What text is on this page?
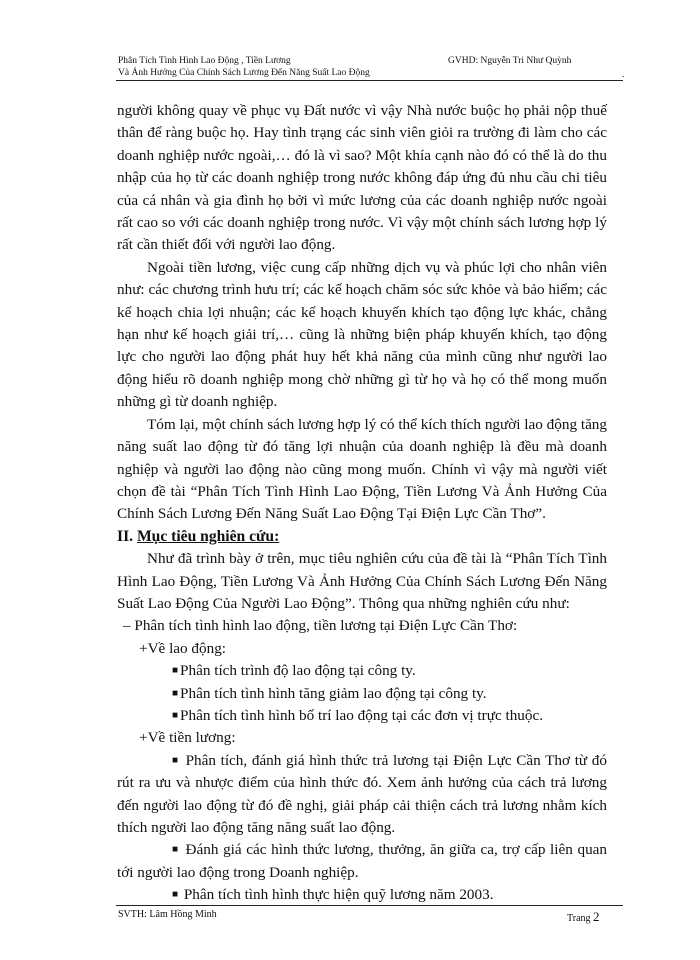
Phân Tích Tình Hình Lao Động , Tiền Lương
Và Ảnh Hưởng Của Chính Sách Lương Đến Năng Suất Lao Động
GVHD: Nguyễn Tri Như Quỳnh
.

người không quay về phục vụ Đất nước vì vậy Nhà nước buộc họ phải nộp thuế thân để ràng buộc họ. Hay tình trạng các sinh viên giỏi ra trường đi làm cho các doanh nghiệp nước ngoài,… đó là vì sao? Một khía cạnh nào đó có thể là do thu nhập của họ từ các doanh nghiệp trong nước không đáp ứng đủ nhu cầu chi tiêu của cá nhân và gia đình họ bởi vì mức lương của các doanh nghiệp nước ngoài rất cao so với các doanh nghiệp trong nước. Vì vậy một chính sách lương hợp lý rất cần thiết đối với người lao động.

Ngoài tiền lương, việc cung cấp những dịch vụ và phúc lợi cho nhân viên như: các chương trình hưu trí; các kế hoạch chăm sóc sức khỏe và bảo hiểm; các kế hoạch chia lợi nhuận; các kế hoạch khuyến khích tạo động lực khác, chẳng hạn như kế hoạch giải trí,… cũng là những biện pháp khuyến khích, tạo động lực cho người lao động phát huy hết khả năng của mình cũng như người lao động hiểu rõ doanh nghiệp mong chờ những gì từ họ và họ có thể mong muốn những gì từ doanh nghiệp.

Tóm lại, một chính sách lương hợp lý có thể kích thích người lao động tăng năng suất lao động từ đó tăng lợi nhuận của doanh nghiệp là đều mà doanh nghiệp và người lao động nào cũng mong muốn. Chính vì vậy mà người viết chọn đề tài “Phân Tích Tình Hình Lao Động, Tiền Lương Và Ảnh Hưởng Của Chính Sách Lương Đến Năng Suất Lao Động Tại Điện Lực Cần Thơ”.

II. Mục tiêu nghiên cứu:

Như đã trình bày ở trên, mục tiêu nghiên cứu của đề tài là “Phân Tích Tình Hình Lao Động, Tiền Lương Và Ảnh Hưởng Của Chính Sách Lương Đến Năng Suất Lao Động Của Người Lao Động”. Thông qua những nghiên cứu như:

– Phân tích tình hình lao động, tiền lương tại Điện Lực Cần Thơ:

+Về lao động:

■ Phân tích trình độ lao động tại công ty.

■ Phân tích tình hình tăng giảm lao động tại công ty.

■ Phân tích tình hình bố trí lao động tại các đơn vị trực thuộc.

+Về tiền lương:

■ Phân tích, đánh giá hình thức trả lương tại Điện Lực Cần Thơ từ đó rút ra ưu và nhược điểm của hình thức đó. Xem ảnh hưởng của cách trả lương đến người lao động từ đó đề nghị, giải pháp cải thiện cách trả lương nhằm kích thích người lao động tăng năng suất lao động.

■ Đánh giá các hình thức lương, thưởng, ăn giữa ca, trợ cấp liên quan tới người lao động trong Doanh nghiệp.

■ Phân tích tình hình thực hiện quỹ lương năm 2003.

SVTH: Lâm Hồng Minh	Trang 2
